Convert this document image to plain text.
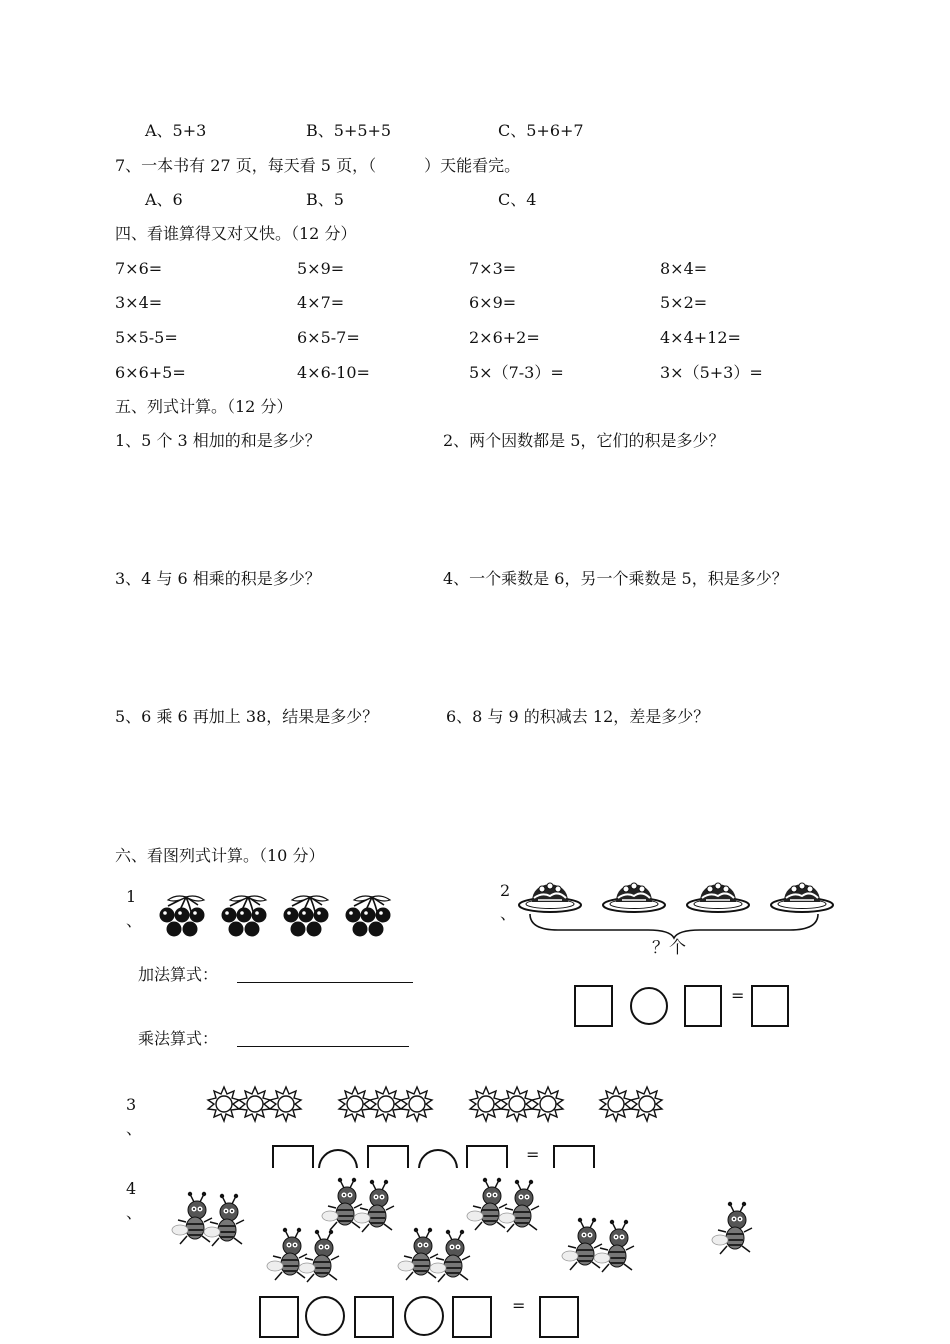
A、5+3	B、5+5+5	C、5+6+7
7、一本书有 27 页，每天看 5 页，（　　　）天能看完。
A、6	B、5	C、4
四、看谁算得又对又快。（12 分）
7×6=	5×9=	7×3=	8×4=
3×4=	4×7=	6×9=	5×2=
5×5-5=	6×5-7=	2×6+2=	4×4+12=
6×6+5=	4×6-10=	5×（7-3）=	3×（5+3）=
五、列式计算。（12 分）
1、5 个 3 相加的和是多少？	2、两个因数都是 5，它们的积是多少？
3、4 与 6 相乘的积是多少？	4、一个乘数是 6，另一个乘数是 5，积是多少？
5、6 乘 6 再加上 38，结果是多少？	6、8 与 9 的积减去 12，差是多少？
六、看图列式计算。（10 分）
1
、
加法算式：
乘法算式：
2
、
？个
=
3
、
=
4
、
=
